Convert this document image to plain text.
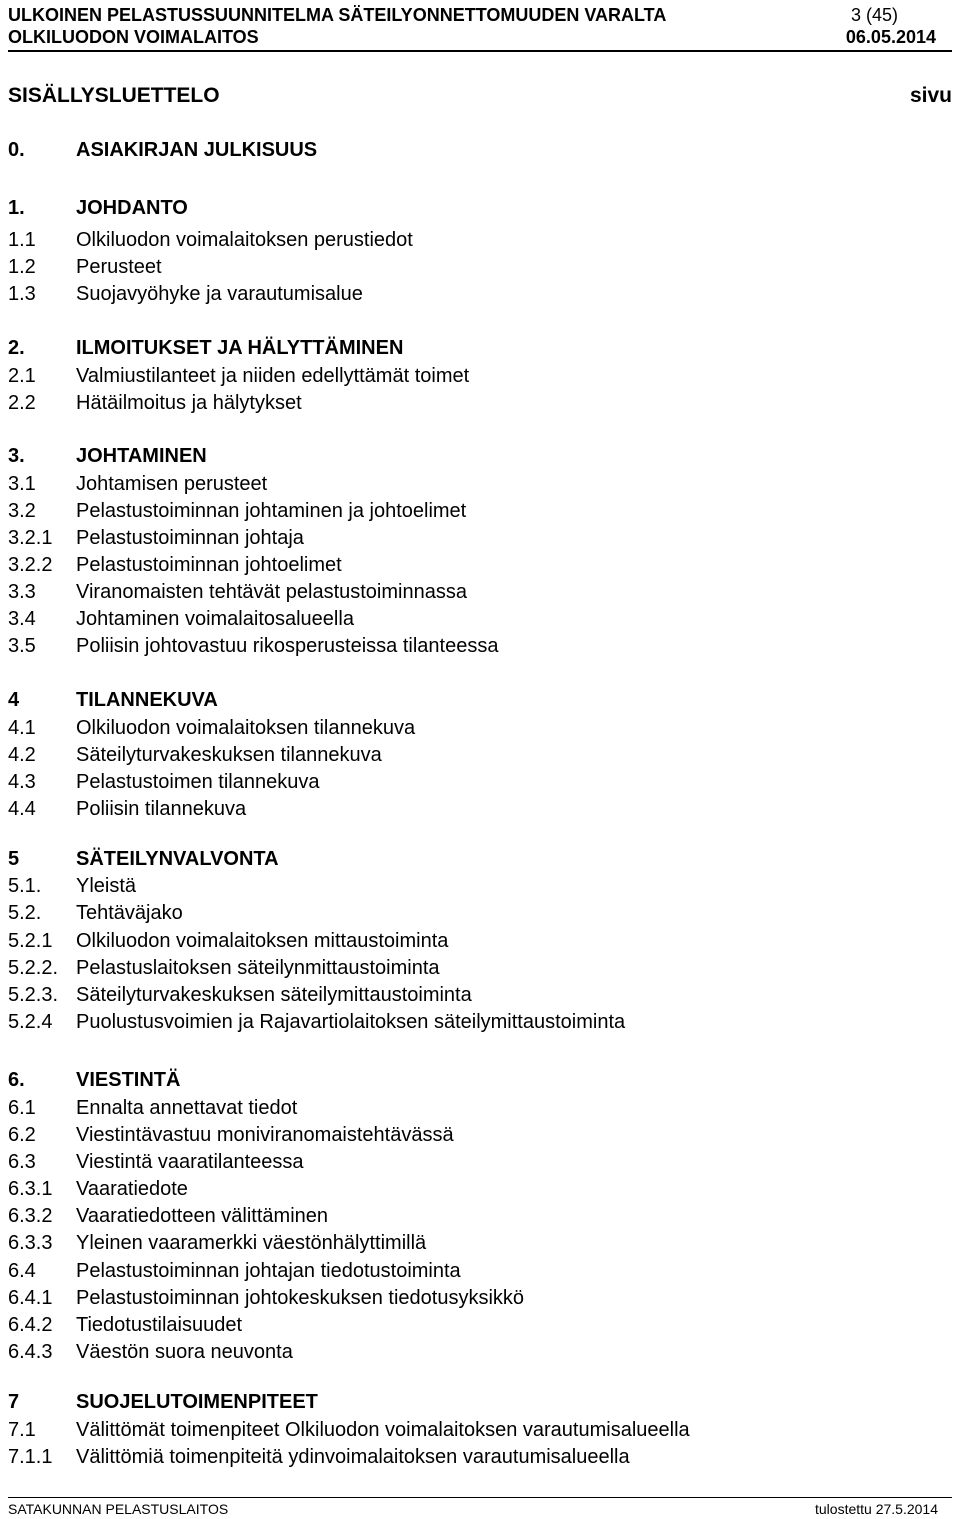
ULKOINEN PELASTUSSUUNNITELMA SÄTEILYONNETTOMUUDEN VARALTA	3 (45)
OLKILUODON VOIMALAITOS	06.05.2014
SISÄLLYSLUETTELO	sivu
0.	ASIAKIRJAN JULKISUUS
1.	JOHDANTO
1.1 Olkiluodon voimalaitoksen perustiedot
1.2 Perusteet
1.3 Suojavyöhyke ja varautumisalue
2.	ILMOITUKSET JA HÄLYTTÄMINEN
2.1 Valmiustilanteet ja niiden edellyttämät toimet
2.2 Hätäilmoitus ja hälytykset
3.	JOHTAMINEN
3.1 Johtamisen perusteet
3.2 Pelastustoiminnan johtaminen ja johtoelimet
3.2.1 Pelastustoiminnan johtaja
3.2.2 Pelastustoiminnan johtoelimet
3.3 Viranomaisten tehtävät pelastustoiminnassa
3.4 Johtaminen voimalaitosalueella
3.5 Poliisin johtovastuu rikosperusteissa tilanteessa
4	TILANNEKUVA
4.1 Olkiluodon voimalaitoksen tilannekuva
4.2 Säteilyturvakeskuksen tilannekuva
4.3 Pelastustoimen tilannekuva
4.4 Poliisin tilannekuva
5	SÄTEILYNVALVONTA
5.1. Yleistä
5.2. Tehtäväjako
5.2.1 Olkiluodon voimalaitoksen mittaustoiminta
5.2.2. Pelastuslaitoksen säteilynmittaustoiminta
5.2.3. Säteilyturvakeskuksen säteilymittaustoiminta
5.2.4 Puolustusvoimien ja Rajavartiolaitoksen säteilymittaustoiminta
6.	VIESTINTÄ
6.1 Ennalta annettavat tiedot
6.2 Viestintävastuu moniviranomaistehtävässä
6.3 Viestintä vaaratilanteessa
6.3.1 Vaaratiedote
6.3.2 Vaaratiedotteen välittäminen
6.3.3 Yleinen vaaramerkki väestönhälyttimillä
6.4 Pelastustoiminnan johtajan tiedotustoiminta
6.4.1 Pelastustoiminnan johtokeskuksen tiedotusyksikkö
6.4.2 Tiedotustilaisuudet
6.4.3 Väestön suora neuvonta
7	SUOJELUTOIMENPITEET
7.1 Välittömät toimenpiteet Olkiluodon voimalaitoksen varautumisalueella
7.1.1 Välittömiä toimenpiteitä ydinvoimalaitoksen varautumisalueella
SATAKUNNAN PELASTUSLAITOS	tulostettu 27.5.2014
